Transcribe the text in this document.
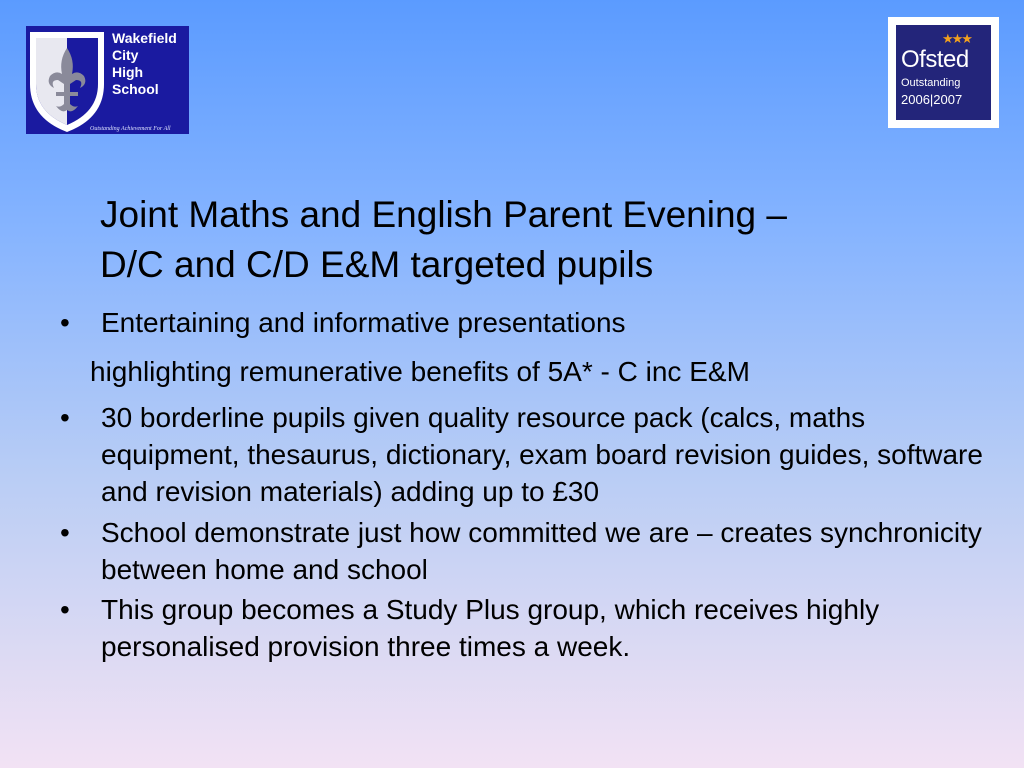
Wakefield
City
High
School
Outstanding Achievement For All
★★★
Ofsted
Outstanding
2006|2007
Joint Maths and English Parent Evening –
D/C and C/D E&M targeted pupils
• Entertaining and informative presentations
highlighting remunerative benefits of 5A* - C inc E&M
• 30 borderline pupils given quality resource pack (calcs, maths equipment, thesaurus, dictionary, exam board revision guides, software and revision materials) adding up to £30
• School demonstrate just how committed we are – creates synchronicity between home and school
• This group becomes a Study Plus group, which receives highly personalised provision three times a week.
